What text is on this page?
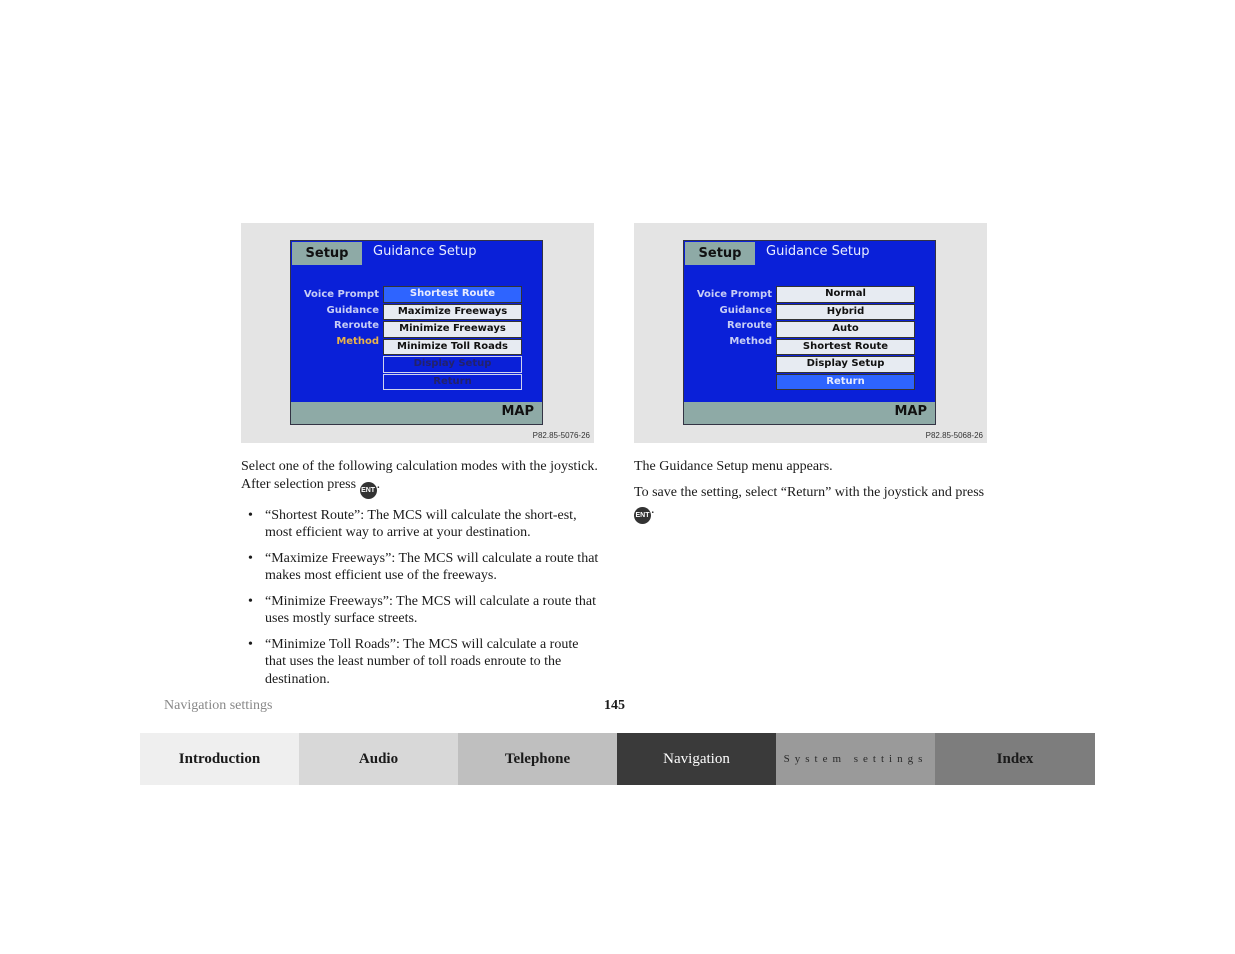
Setup	Guidance Setup
Voice Prompt
Guidance
Reroute
Method
Shortest Route
Maximize Freeways
Minimize Freeways
Minimize Toll Roads
Display Setup
Return
MAP
P82.85-5076-26
Setup	Guidance Setup
Voice Prompt
Guidance
Reroute
Method
Normal
Hybrid
Auto
Shortest Route
Display Setup
Return
MAP
P82.85-5068-26

Select one of the following calculation modes with the joystick. After selection press ENT .

• “Shortest Route”: The MCS will calculate the short-est, most efficient way to arrive at your destination.
• “Maximize Freeways”: The MCS will calculate a route that makes most efficient use of the freeways.
• “Minimize Freeways”: The MCS will calculate a route that uses mostly surface streets.
• “Minimize Toll Roads”: The MCS will calculate a route that uses the least number of toll roads enroute to the destination.

The Guidance Setup menu appears.

To save the setting, select “Return” with the joystick and press ENT .

Navigation settings	145
Introduction	Audio	Telephone	Navigation	System settings	Index
